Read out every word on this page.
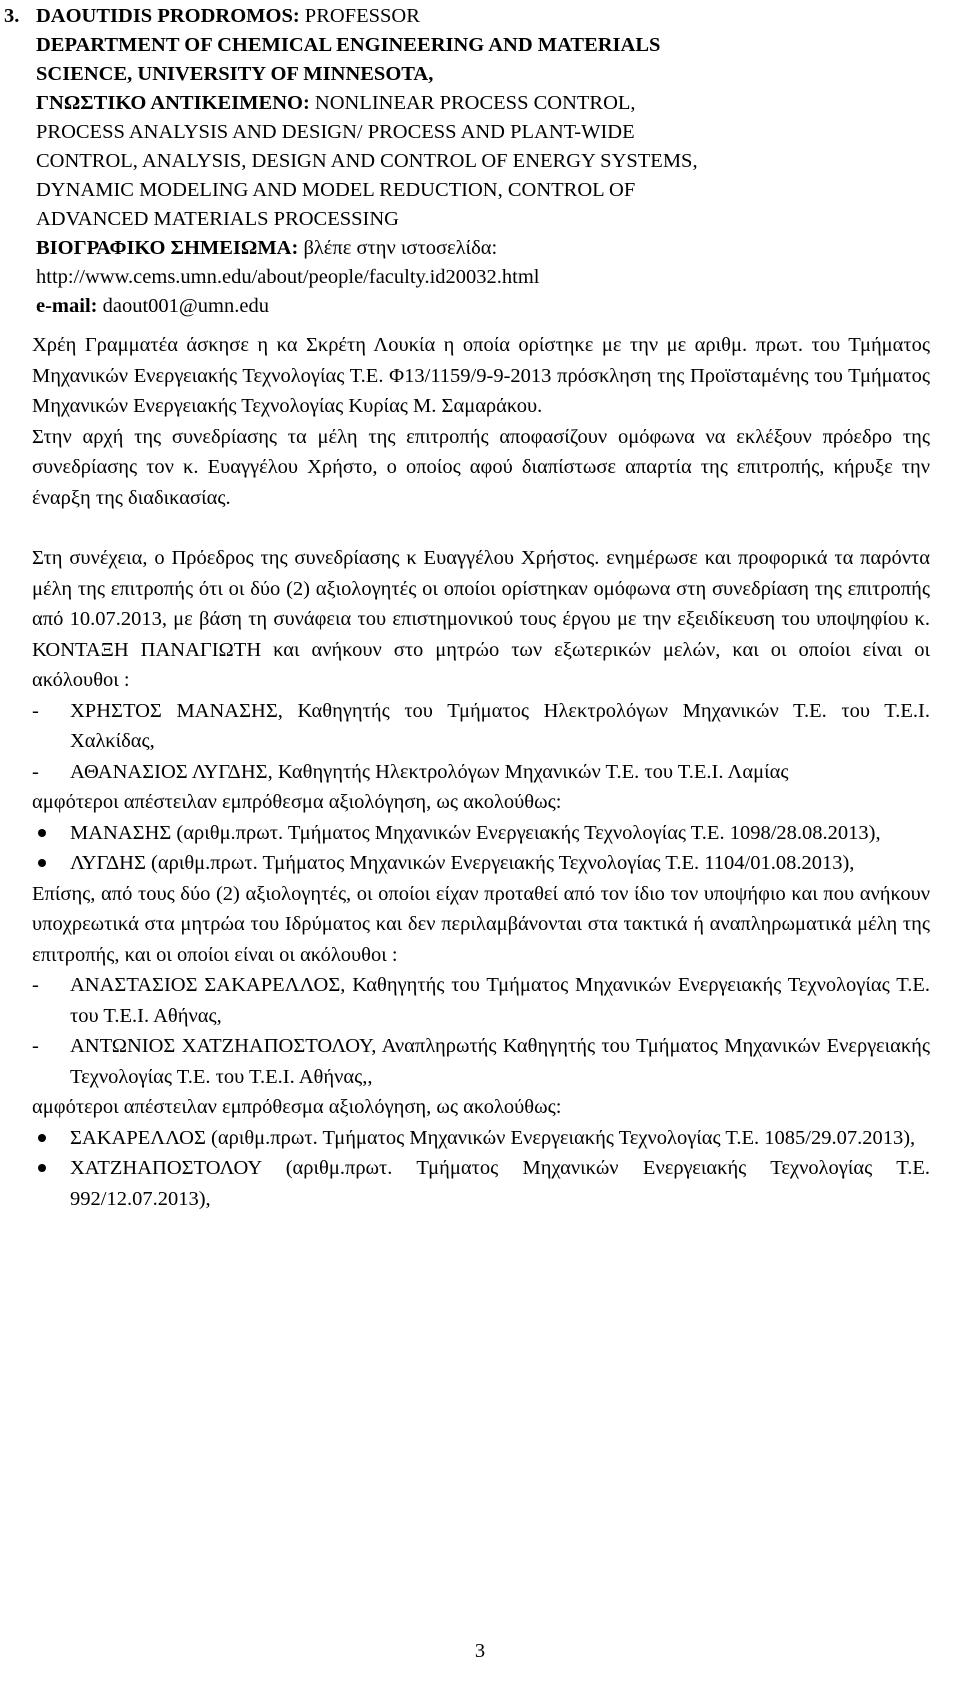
3. DAOUTIDIS PRODROMOS: PROFESSOR
DEPARTMENT OF CHEMICAL ENGINEERING AND MATERIALS
SCIENCE, UNIVERSITY OF MINNESOTA,
ΓΝΩΣΤΙΚΟ ΑΝΤΙΚΕΙΜΕΝΟ: NONLINEAR PROCESS CONTROL,
PROCESS ANALYSIS AND DESIGN/ PROCESS AND PLANT-WIDE
CONTROL, ANALYSIS, DESIGN AND CONTROL OF ENERGY SYSTEMS,
DYNAMIC MODELING AND MODEL REDUCTION, CONTROL OF
ADVANCED MATERIALS PROCESSING
ΒΙΟΓΡΑΦΙΚΟ ΣΗΜΕΙΩΜΑ: βλέπε στην ιστοσελίδα:
http://www.cems.umn.edu/about/people/faculty.id20032.html
e-mail: daout001@umn.edu

Χρέη Γραμματέα άσκησε η κα Σκρέτη Λουκία η οποία ορίστηκε με την με αριθμ. πρωτ. του Τμήματος Μηχανικών Ενεργειακής Τεχνολογίας Τ.Ε. Φ13/1159/9-9-2013 πρόσκληση της Προϊσταμένης του Τμήματος Μηχανικών Ενεργειακής Τεχνολογίας Κυρίας Μ. Σαμαράκου.

Στην αρχή της συνεδρίασης τα μέλη της επιτροπής αποφασίζουν ομόφωνα να εκλέξουν πρόεδρο της συνεδρίασης τον κ. Ευαγγέλου Χρήστο, ο οποίος αφού διαπίστωσε απαρτία της επιτροπής, κήρυξε την έναρξη της διαδικασίας.

Στη συνέχεια, ο Πρόεδρος της συνεδρίασης κ Ευαγγέλου Χρήστος. ενημέρωσε και προφορικά τα παρόντα μέλη της επιτροπής ότι οι δύο (2) αξιολογητές οι οποίοι ορίστηκαν ομόφωνα στη συνεδρίαση της επιτροπής από 10.07.2013, με βάση τη συνάφεια του επιστημονικού τους έργου με την εξειδίκευση του υποψηφίου κ. ΚΟΝΤΑΞΗ ΠΑΝΑΓΙΩΤΗ και ανήκουν στο μητρώο των εξωτερικών μελών, και οι οποίοι είναι οι ακόλουθοι :

-	ΧΡΗΣΤΟΣ ΜΑΝΑΣΗΣ, Καθηγητής του Τμήματος Ηλεκτρολόγων Μηχανικών Τ.Ε. του Τ.Ε.Ι. Χαλκίδας,
-	ΑΘΑΝΑΣΙΟΣ ΛΥΓΔΗΣ, Καθηγητής Ηλεκτρολόγων Μηχανικών Τ.Ε. του Τ.Ε.Ι. Λαμίας

αμφότεροι απέστειλαν εμπρόθεσμα αξιολόγηση, ως ακολούθως:

ΜΑΝΑΣΗΣ (αριθμ.πρωτ. Τμήματος Μηχανικών Ενεργειακής Τεχνολογίας Τ.Ε. 1098/28.08.2013),
ΛΥΓΔΗΣ (αριθμ.πρωτ. Τμήματος Μηχανικών Ενεργειακής Τεχνολογίας Τ.Ε. 1104/01.08.2013),

Επίσης, από τους δύο (2) αξιολογητές, οι οποίοι είχαν προταθεί από τον ίδιο τον υποψήφιο και που ανήκουν υποχρεωτικά στα μητρώα του Ιδρύματος και δεν περιλαμβάνονται στα τακτικά ή αναπληρωματικά μέλη της επιτροπής, και οι οποίοι είναι οι ακόλουθοι :

-	ΑΝΑΣΤΑΣΙΟΣ ΣΑΚΑΡΕΛΛΟΣ, Καθηγητής του Τμήματος Μηχανικών Ενεργειακής Τεχνολογίας Τ.Ε. του Τ.Ε.Ι. Αθήνας,
-	ΑΝΤΩΝΙΟΣ ΧΑΤΖΗΑΠΟΣΤΟΛΟΥ, Αναπληρωτής Καθηγητής του Τμήματος Μηχανικών Ενεργειακής Τεχνολογίας Τ.Ε. του Τ.Ε.Ι. Αθήνας,,

αμφότεροι απέστειλαν εμπρόθεσμα αξιολόγηση, ως ακολούθως:

ΣΑΚΑΡΕΛΛΟΣ (αριθμ.πρωτ. Τμήματος Μηχανικών Ενεργειακής Τεχνολογίας Τ.Ε. 1085/29.07.2013),
ΧΑΤΖΗΑΠΟΣΤΟΛΟΥ (αριθμ.πρωτ. Τμήματος Μηχανικών Ενεργειακής Τεχνολογίας Τ.Ε. 992/12.07.2013),
3
